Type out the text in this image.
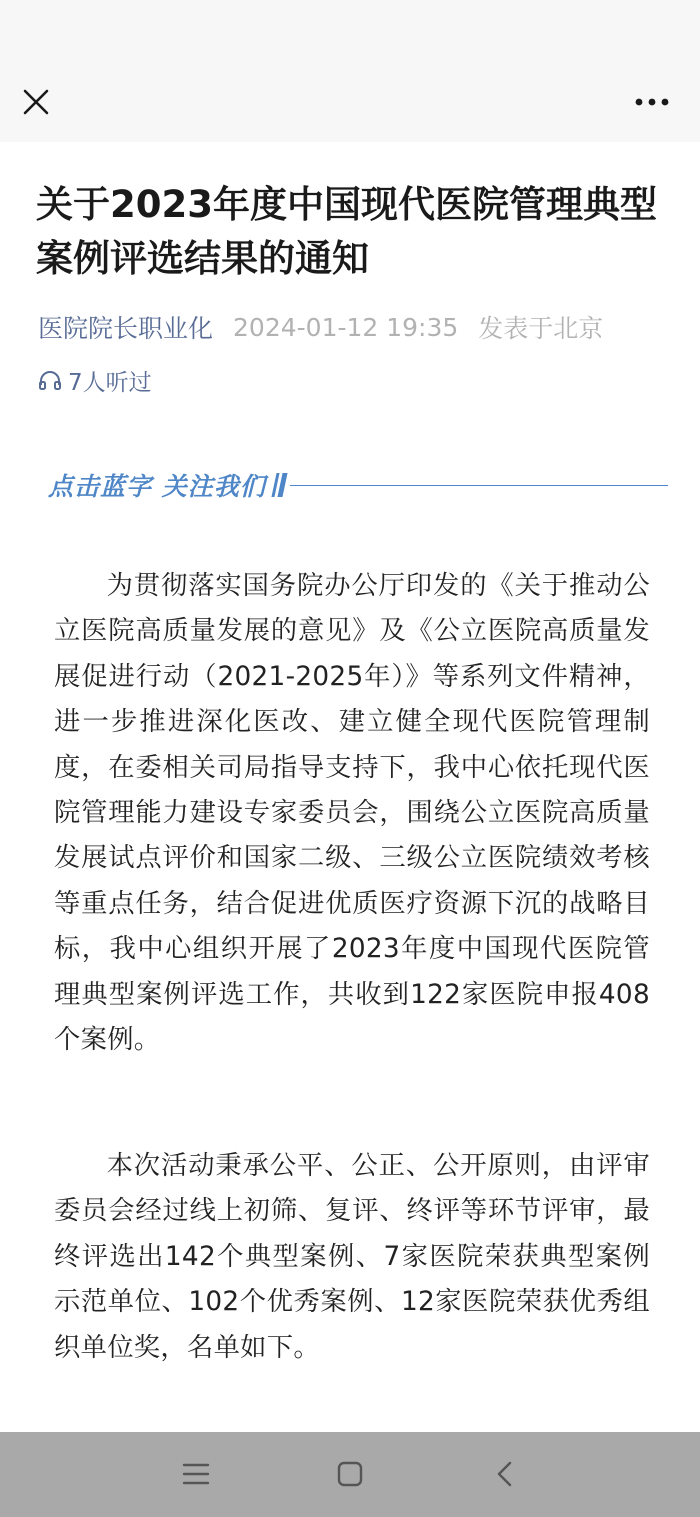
关于2023年度中国现代医院管理典型案例评选结果的通知
医院院长职业化 2024-01-12 19:35 发表于北京
7人听过
点击蓝字 关注我们

为贯彻落实国务院办公厅印发的《关于推动公立医院高质量发展的意见》及《公立医院高质量发展促进行动（2021-2025年）》等系列文件精神，进一步推进深化医改、建立健全现代医院管理制度，在委相关司局指导支持下，我中心依托现代医院管理能力建设专家委员会，围绕公立医院高质量发展试点评价和国家二级、三级公立医院绩效考核等重点任务，结合促进优质医疗资源下沉的战略目标，我中心组织开展了2023年度中国现代医院管理典型案例评选工作，共收到122家医院申报408个案例。

本次活动秉承公平、公正、公开原则，由评审委员会经过线上初筛、复评、终评等环节评审，最终评选出142个典型案例、7家医院荣获典型案例示范单位、102个优秀案例、12家医院荣获优秀组织单位奖，名单如下。
